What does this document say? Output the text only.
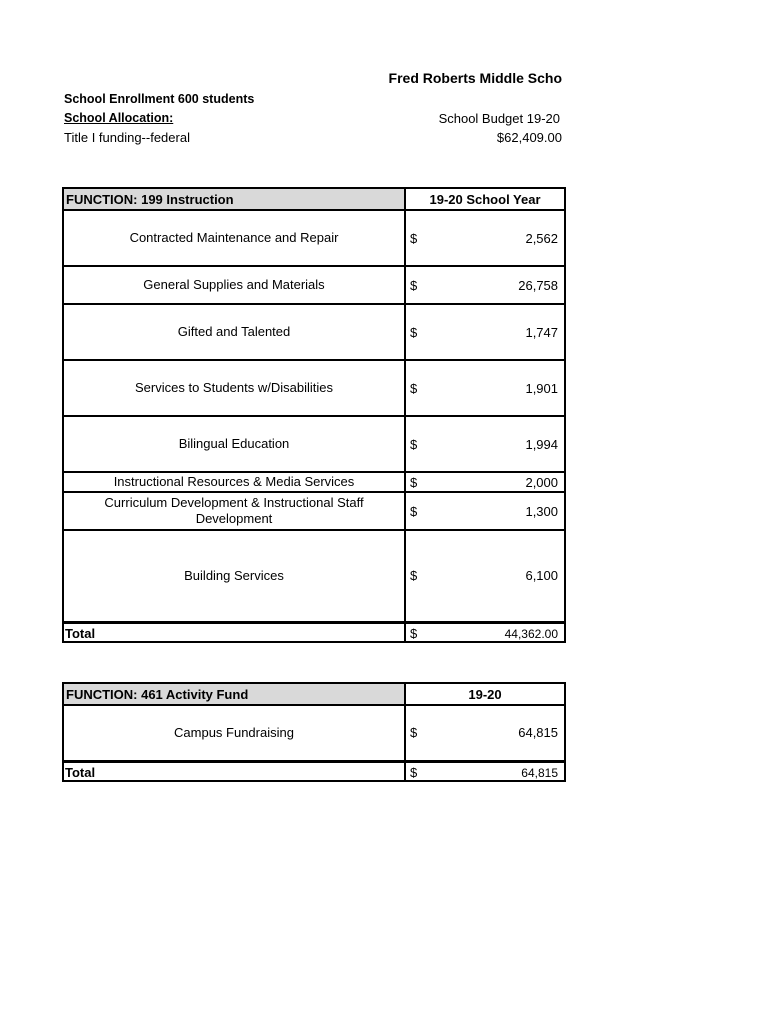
Fred Roberts Middle Scho
School Enrollment 600 students
School Allocation:	School Budget 19-20
Title I funding--federal	$62,409.00
FUNCTION: 199 Instruction	19-20 School Year	
Contracted Maintenance and Repair	$	2,562
General Supplies and Materials	$	26,758
Gifted and Talented	$	1,747
Services to Students w/Disabilities	$	1,901
Bilingual Education	$	1,994
Instructional Resources & Media Services	$	2,000
Curriculum Development & Instructional Staff Development	$	1,300
Building Services	$	6,100
Total	$	44,362.00
FUNCTION: 461 Activity Fund	19-20	
Campus Fundraising	$	64,815
Total	$	64,815
